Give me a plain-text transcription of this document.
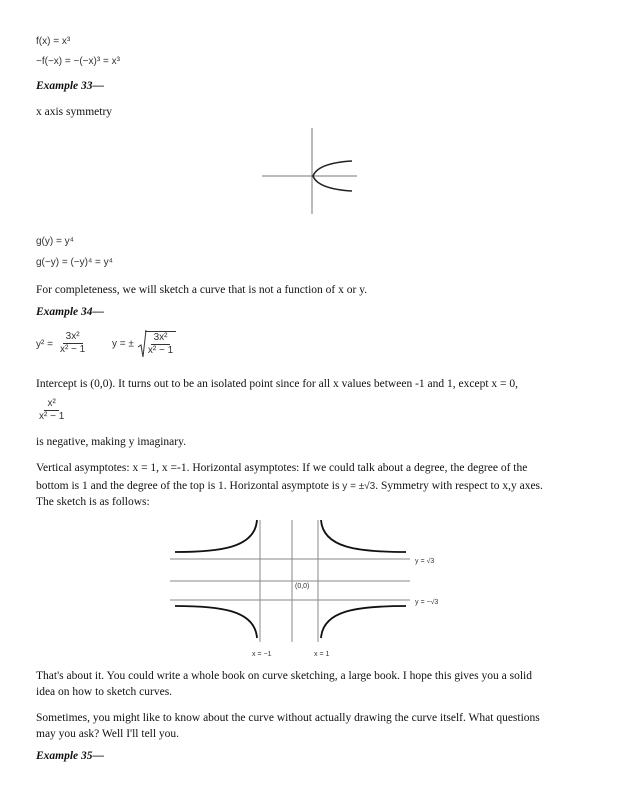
f(x) = x³
−f(−x) = −(−x)³ = x³
Example 33—
x axis symmetry
g(y) = y⁴
g(−y) = (−y)⁴ = y⁴
For completeness, we will sketch a curve that is not a function of x or y.
Example 34—
$y^2 = \frac{\text{3x²}}{\text{x² − 1}}$ y = ± $\frac{\text{3x²}}{\text{x² − 1}}$
Intercept is (0,0). It turns out to be an isolated point since for all x values between -1 and 1, except x = 0,
$\frac{\text{x²}}{\text{x² − 1}}$
is negative, making y imaginary.
Vertical asymptotes: x = 1, x =-1. Horizontal asymptotes: If we could talk about a degree, the degree of the
bottom is 1 and the degree of the top is 1. Horizontal asymptote is y = ±√3. Symmetry with respect to x,y axes.
The sketch is as follows:
(0,0)
y = √3
y = −√3
x = −1	x = 1
That's about it. You could write a whole book on curve sketching, a large book. I hope this gives you a solid
idea on how to sketch curves.
Sometimes, you might like to know about the curve without actually drawing the curve itself. What questions
may you ask? Well I'll tell you.
Example 35—
